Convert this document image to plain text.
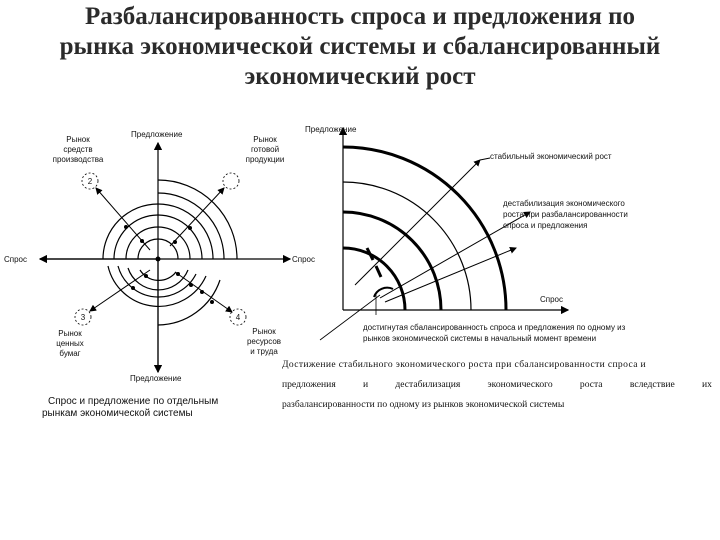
Разбалансированность спроса и предложения по
рынка экономической системы и сбалансированный
экономический рост
Предложение
Предложение
Спрос	Спрос
Рынок
средств
производства
2
Рынок
готовой
продукции
Рынок
ценных
бумаг
3
Рынок
ресурсов
и труда
4
Предложение
Спрос
стабильный экономический рост
дестабилизация экономического
роста при разбалансированности
спроса и предложения
достигнутая сбалансированность спроса и предложения по одному из
рынков экономической системы в начальный момент времени
Спрос и предложение по отдельным
рынкам экономической системы
Достижение стабильного экономического роста при сбалансированности спроса и
предложения	и	дестабилизация	экономического	роста	вследствие	их
разбалансированности по одному из рынков экономической системы
